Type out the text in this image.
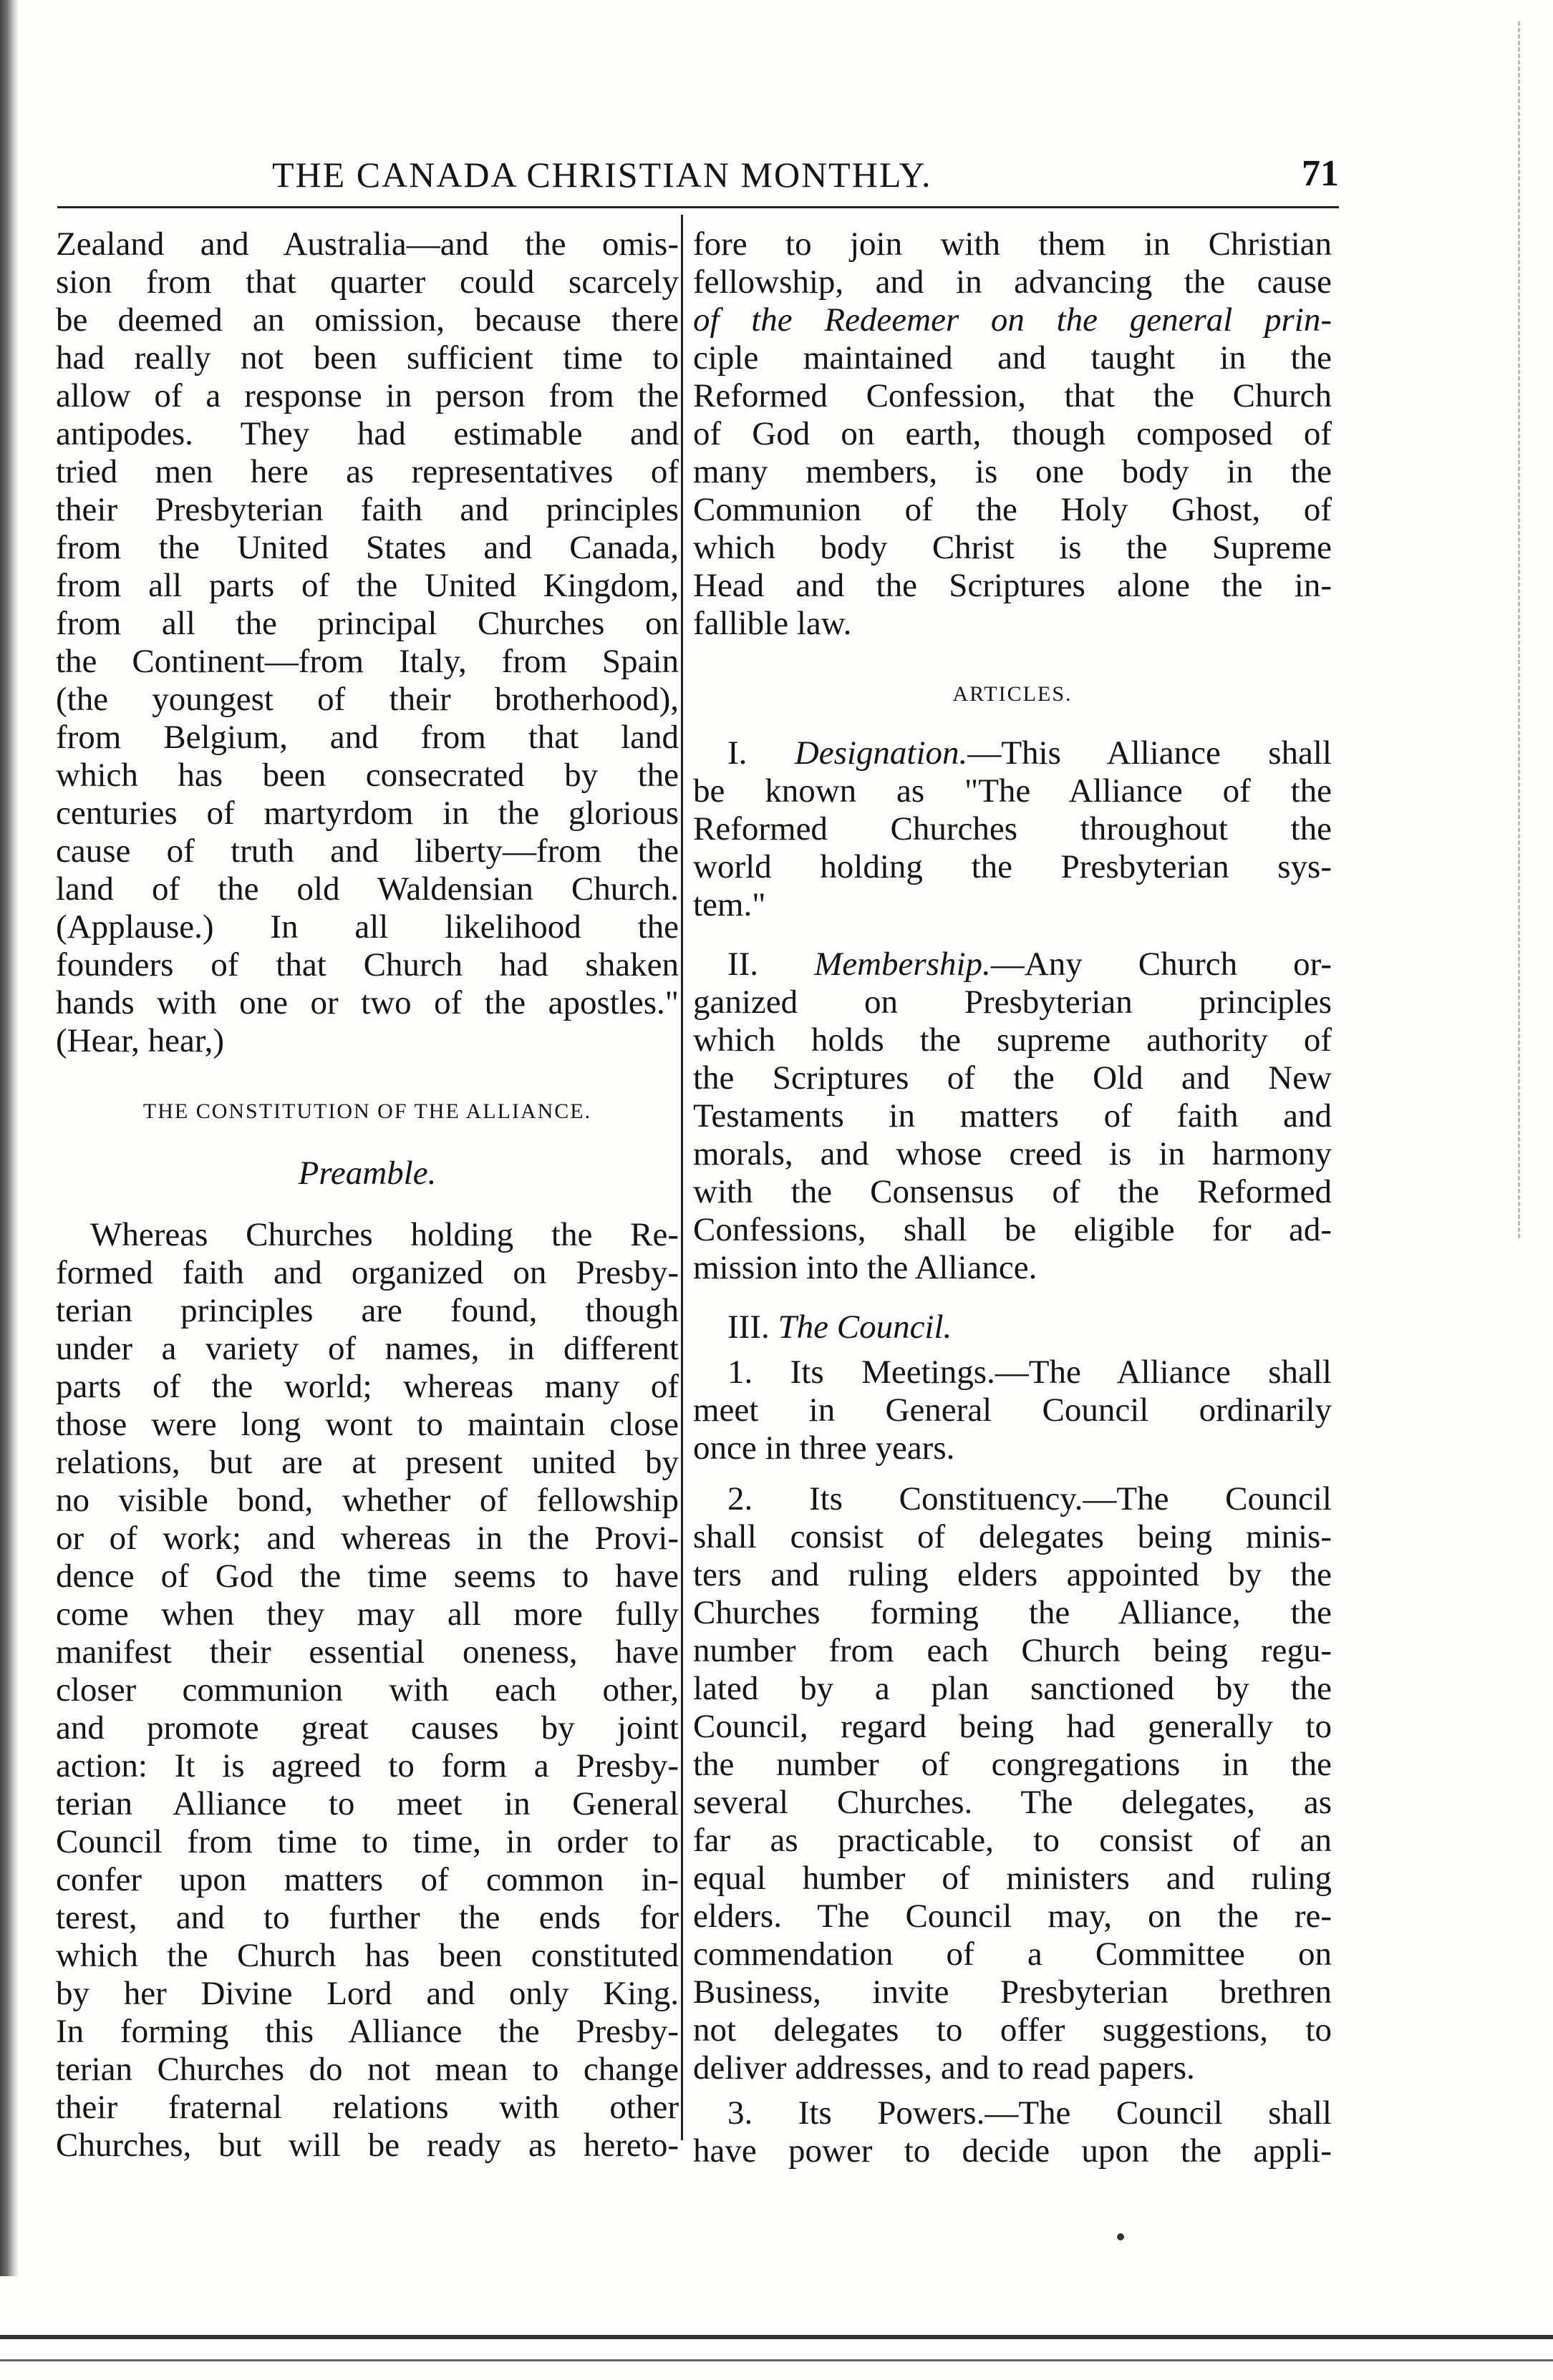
THE CANADA CHRISTIAN MONTHLY.	71
Zealand and Australia—and the omis-
sion from that quarter could scarcely
be deemed an omission, because there
had really not been sufficient time to
allow of a response in person from the
antipodes. They had estimable and
tried men here as representatives of
their Presbyterian faith and principles
from the United States and Canada,
from all parts of the United Kingdom,
from all the principal Churches on
the Continent—from Italy, from Spain
(the youngest of their brotherhood),
from Belgium, and from that land
which has been consecrated by the
centuries of martyrdom in the glorious
cause of truth and liberty—from the
land of the old Waldensian Church.
(Applause.) In all likelihood the
founders of that Church had shaken
hands with one or two of the apostles."
(Hear, hear,)
THE CONSTITUTION OF THE ALLIANCE.
Preamble.
Whereas Churches holding the Re-
formed faith and organized on Presby-
terian principles are found, though
under a variety of names, in different
parts of the world; whereas many of
those were long wont to maintain close
relations, but are at present united by
no visible bond, whether of fellowship
or of work; and whereas in the Provi-
dence of God the time seems to have
come when they may all more fully
manifest their essential oneness, have
closer communion with each other,
and promote great causes by joint
action: It is agreed to form a Presby-
terian Alliance to meet in General
Council from time to time, in order to
confer upon matters of common in-
terest, and to further the ends for
which the Church has been constituted
by her Divine Lord and only King.
In forming this Alliance the Presby-
terian Churches do not mean to change
their fraternal relations with other
Churches, but will be ready as hereto-
fore to join with them in Christian
fellowship, and in advancing the cause
of the Redeemer on the general prin-
ciple maintained and taught in the
Reformed Confession, that the Church
of God on earth, though composed of
many members, is one body in the
Communion of the Holy Ghost, of
which body Christ is the Supreme
Head and the Scriptures alone the in-
fallible law.
ARTICLES.
I. Designation.—This Alliance shall
be known as "The Alliance of the
Reformed Churches throughout the
world holding the Presbyterian sys-
tem."
II. Membership.—Any Church or-
ganized on Presbyterian principles
which holds the supreme authority of
the Scriptures of the Old and New
Testaments in matters of faith and
morals, and whose creed is in harmony
with the Consensus of the Reformed
Confessions, shall be eligible for ad-
mission into the Alliance.
III. The Council.
1. Its Meetings.—The Alliance shall
meet in General Council ordinarily
once in three years.
2. Its Constituency.—The Council
shall consist of delegates being minis-
ters and ruling elders appointed by the
Churches forming the Alliance, the
number from each Church being regu-
lated by a plan sanctioned by the
Council, regard being had generally to
the number of congregations in the
several Churches. The delegates, as
far as practicable, to consist of an
equal humber of ministers and ruling
elders. The Council may, on the re-
commendation of a Committee on
Business, invite Presbyterian brethren
not delegates to offer suggestions, to
deliver addresses, and to read papers.
3. Its Powers.—The Council shall
have power to decide upon the appli-
